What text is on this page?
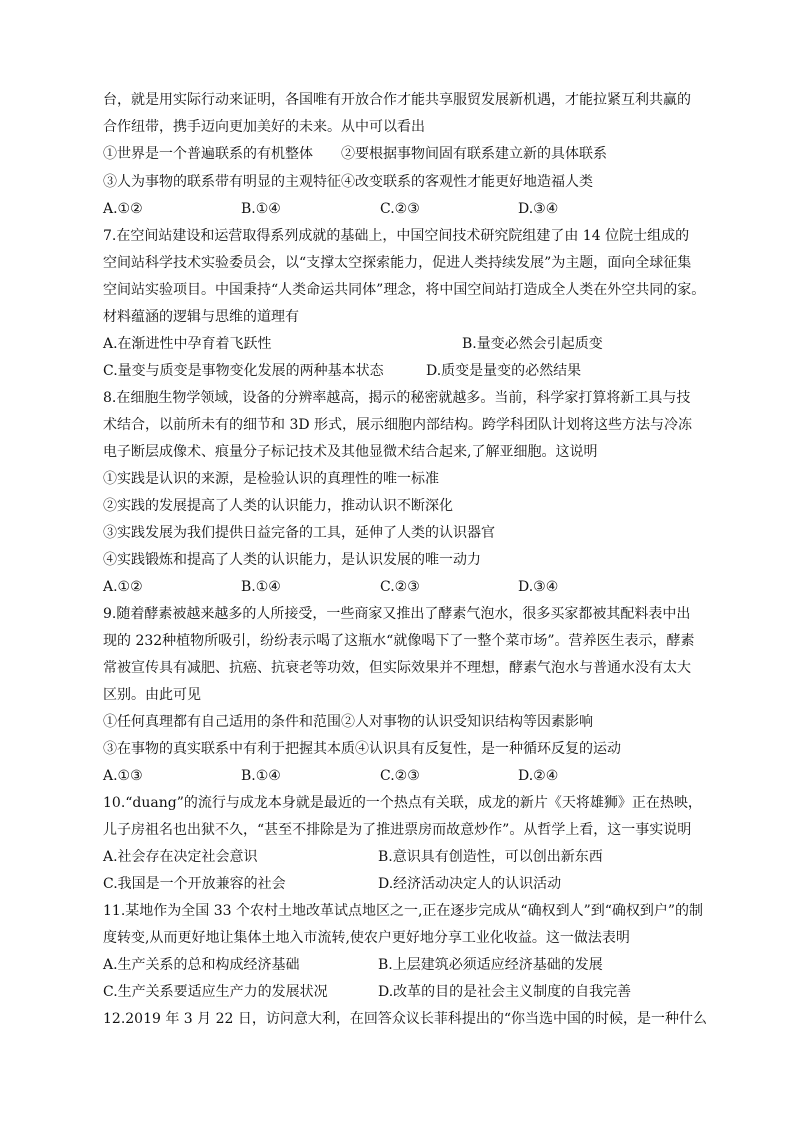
台，就是用实际行动来证明，各国唯有开放合作才能共享服贸发展新机遇，才能拉紧互利共赢的
合作纽带，携手迈向更加美好的未来。从中可以看出
①世界是一个普遍联系的有机整体　　②要根据事物间固有联系建立新的具体联系
③人为事物的联系带有明显的主观特征④改变联系的客观性才能更好地造福人类
A.①②	B.①④	C.②③	D.③④
7.在空间站建设和运营取得系列成就的基础上，中国空间技术研究院组建了由 14 位院士组成的
空间站科学技术实验委员会，以“支撑太空探索能力，促进人类持续发展”为主题，面向全球征集
空间站实验项目。中国秉持“人类命运共同体”理念，将中国空间站打造成全人类在外空共同的家。
材料蕴涵的逻辑与思维的道理有
A.在渐进性中孕育着飞跃性	B.量变必然会引起质变
C.量变与质变是事物变化发展的两种基本状态	D.质变是量变的必然结果
8.在细胞生物学领域，设备的分辨率越高，揭示的秘密就越多。当前，科学家打算将新工具与技
术结合，以前所未有的细节和 3D 形式，展示细胞内部结构。跨学科团队计划将这些方法与冷冻
电子断层成像术、痕量分子标记技术及其他显微术结合起来,了解亚细胞。这说明
①实践是认识的来源，是检验认识的真理性的唯一标准
②实践的发展提高了人类的认识能力，推动认识不断深化
③实践发展为我们提供日益完备的工具，延伸了人类的认识器官
④实践锻炼和提高了人类的认识能力，是认识发展的唯一动力
A.①②	B.①④	C.②③	D.③④
9.随着酵素被越来越多的人所接受，一些商家又推出了酵素气泡水，很多买家都被其配料表中出
现的 232种植物所吸引，纷纷表示喝了这瓶水“就像喝下了一整个菜市场”。营养医生表示，酵素
常被宣传具有减肥、抗癌、抗衰老等功效，但实际效果并不理想，酵素气泡水与普通水没有太大
区别。由此可见
①任何真理都有自己适用的条件和范围②人对事物的认识受知识结构等因素影响
③在事物的真实联系中有利于把握其本质④认识具有反复性，是一种循环反复的运动
A.①③	B.①④	C.②③	D.②④
10.“duang”的流行与成龙本身就是最近的一个热点有关联，成龙的新片《天将雄狮》正在热映，
儿子房祖名也出狱不久，“甚至不排除是为了推进票房而故意炒作”。从哲学上看，这一事实说明
A.社会存在决定社会意识	B.意识具有创造性，可以创出新东西
C.我国是一个开放兼容的社会	D.经济活动决定人的认识活动
11.某地作为全国 33 个农村土地改革试点地区之一,正在逐步完成从“确权到人”到“确权到户”的制
度转变,从而更好地让集体土地入市流转,使农户更好地分享工业化收益。这一做法表明
A.生产关系的总和构成经济基础	B.上层建筑必须适应经济基础的发展
C.生产关系要适应生产力的发展状况	D.改革的目的是社会主义制度的自我完善
12.2019 年 3 月 22 日，访问意大利，在回答众议长菲科提出的“你当选中国的时候，是一种什么
